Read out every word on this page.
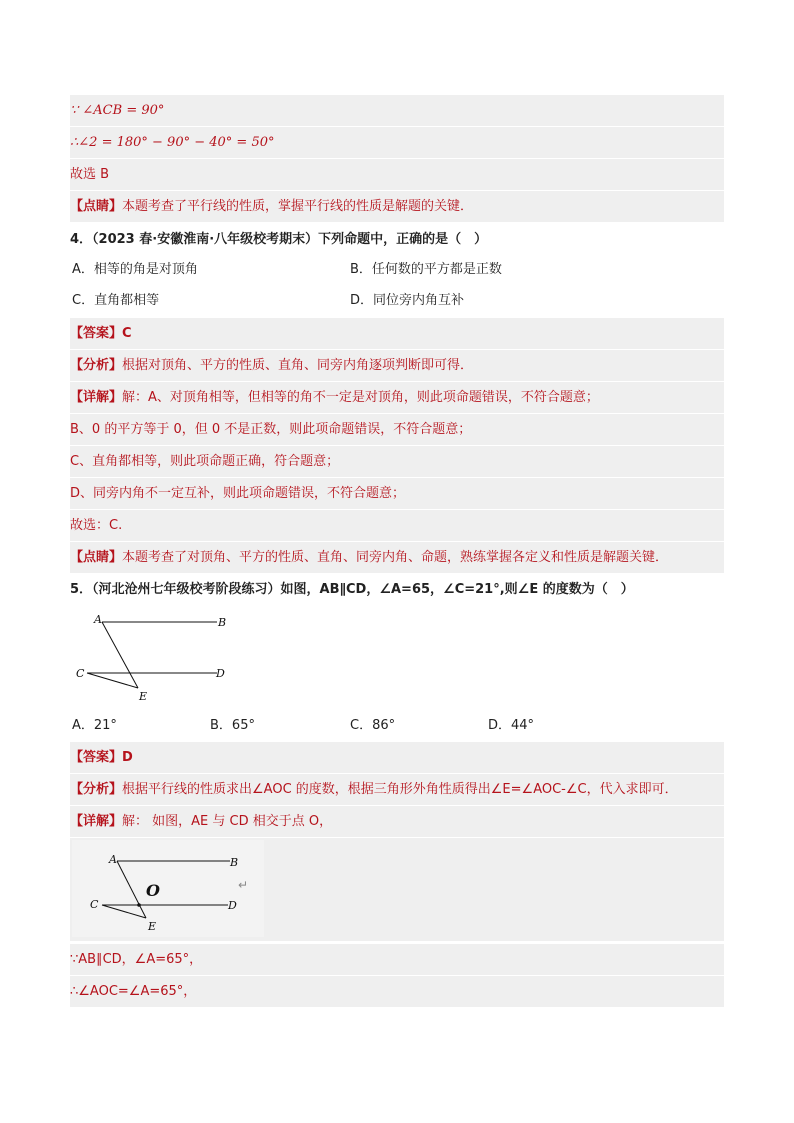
∵ ∠ACB = 90°
∴∠2 = 180° − 90° − 40° = 50°
故选 B
【点睛】本题考查了平行线的性质，掌握平行线的性质是解题的关键．
4．（2023 春·安徽淮南·八年级校考期末）下列命题中，正确的是（　）
A．相等的角是对顶角	B．任何数的平方都是正数
C．直角都相等	D．同位旁内角互补
【答案】C
【分析】根据对顶角、平方的性质、直角、同旁内角逐项判断即可得．
【详解】解：A、对顶角相等，但相等的角不一定是对顶角，则此项命题错误，不符合题意；
B、0 的平方等于 0，但 0 不是正数，则此项命题错误，不符合题意；
C、直角都相等，则此项命题正确，符合题意；
D、同旁内角不一定互补，则此项命题错误，不符合题意；
故选：C.
【点睛】本题考查了对顶角、平方的性质、直角、同旁内角、命题，熟练掌握各定义和性质是解题关键．
5．（河北沧州七年级校考阶段练习）如图，AB∥CD，∠A=65，∠C=21°,则∠E 的度数为（　）
A	B
C	D
E
A．21°	B．65°	C．86°	D．44°
【答案】D
【分析】根据平行线的性质求出∠AOC 的度数，根据三角形外角性质得出∠E=∠AOC-∠C，代入求即可．
【详解】解： 如图，AE 与 CD 相交于点 O，
A	B
C	D
E
O	↵
∵AB∥CD，∠A=65°，
∴∠AOC=∠A=65°，
